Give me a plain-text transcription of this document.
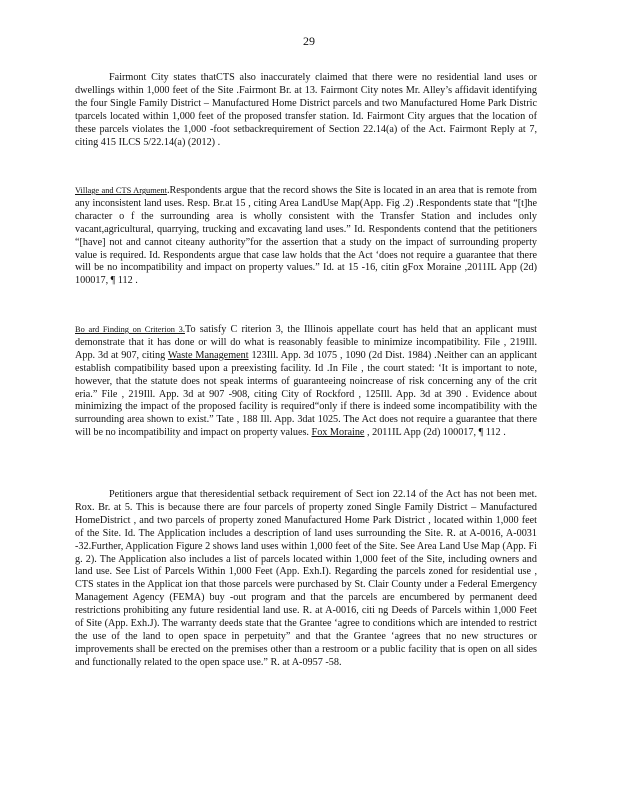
29

Fairmont City states thatCTS also inaccurately claimed that there were no residential land uses or dwellings within 1,000 feet of the Site .Fairmont Br. at 13. Fairmont City notes Mr. Alley’s affidavit identifying the four Single Family District – Manufactured Home District parcels and two Manufactured Home Park Distric tparcels located within 1,000 feet of the proposed transfer station. Id. Fairmont City argues that the location of these parcels violates the 1,000 -foot setbackrequirement of Section 22.14(a) of the Act. Fairmont Reply at 7, citing 415 ILCS 5/22.14(a) (2012) .

Village and CTS Argument.Respondents argue that the record shows the Site is located in an area that is remote from any inconsistent land uses. Resp. Br.at 15 , citing Area LandUse Map(App. Fig .2) .Respondents state that “[t]he character o f the surrounding area is wholly consistent with the Transfer Station and includes only vacant,agricultural, quarrying, trucking and excavating land uses.” Id. Respondents contend that the petitioners “[have] not and cannot citeany authority”for the assertion that a study on the impact of surrounding property value is required. Id. Respondents argue that case law holds that the Act ‘does not require a guarantee that there will be no incompatibility and impact on property values.” Id. at 15 -16, citin gFox Moraine ,2011IL App (2d) 100017, ¶ 112 .

Bo ard Finding on Criterion 3.To satisfy C riterion 3, the Illinois appellate court has held that an applicant must demonstrate that it has done or will do what is reasonably feasible to minimize incompatibility. File , 219Ill. App. 3d at 907, citing Waste Management 123Ill. App. 3d 1075 , 1090 (2d Dist. 1984) .Neither can an applicant establish compatibility based upon a preexisting facility. Id .In File , the court stated: ‘It is important to note, however, that the statute does not speak interms of guaranteeing noincrease of risk concerning any of the crit eria.” File , 219Ill. App. 3d at 907 -908, citing City of Rockford , 125Ill. App. 3d at 390 . Evidence about minimizing the impact of the proposed facility is required“only if there is indeed some incompatibility with the surrounding area shown to exist.” Tate , 188 Ill. App. 3dat 1025. The Act does not require a guarantee that there will be no incompatibility and impact on property values. Fox Moraine , 2011IL App (2d) 100017, ¶ 112 .

Petitioners argue that theresidential setback requirement of Sect ion 22.14 of the Act has not been met. Rox. Br. at 5. This is because there are four parcels of property zoned Single Family District – Manufactured HomeDistrict , and two parcels of property zoned Manufactured Home Park District , located within 1,000 feet of the Site. Id. The Application includes a description of land uses surrounding the Site. R. at A-0016, A-0031 -32.Further, Application Figure 2 shows land uses within 1,000 feet of the Site. See Area Land Use Map (App. Fi g. 2). The Application also includes a list of parcels located within 1,000 feet of the Site, including owners and land use. See List of Parcels Within 1,000 Feet (App. Exh.I). Regarding the parcels zoned for residential use , CTS states in the Applicat ion that those parcels were purchased by St. Clair County under a Federal Emergency Management Agency (FEMA) buy -out program and that the parcels are encumbered by permanent deed restrictions prohibiting any future residential land use. R. at A-0016, citi ng Deeds of Parcels within 1,000 Feet of Site (App. Exh.J). The warranty deeds state that the Grantee ‘agree to conditions which are intended to restrict the use of the land to open space in perpetuity” and that the Grantee ‘agrees that no new structures or improvements shall be erected on the premises other than a restroom or a public facility that is open on all sides and functionally related to the open space use.” R. at A-0957 -58.
